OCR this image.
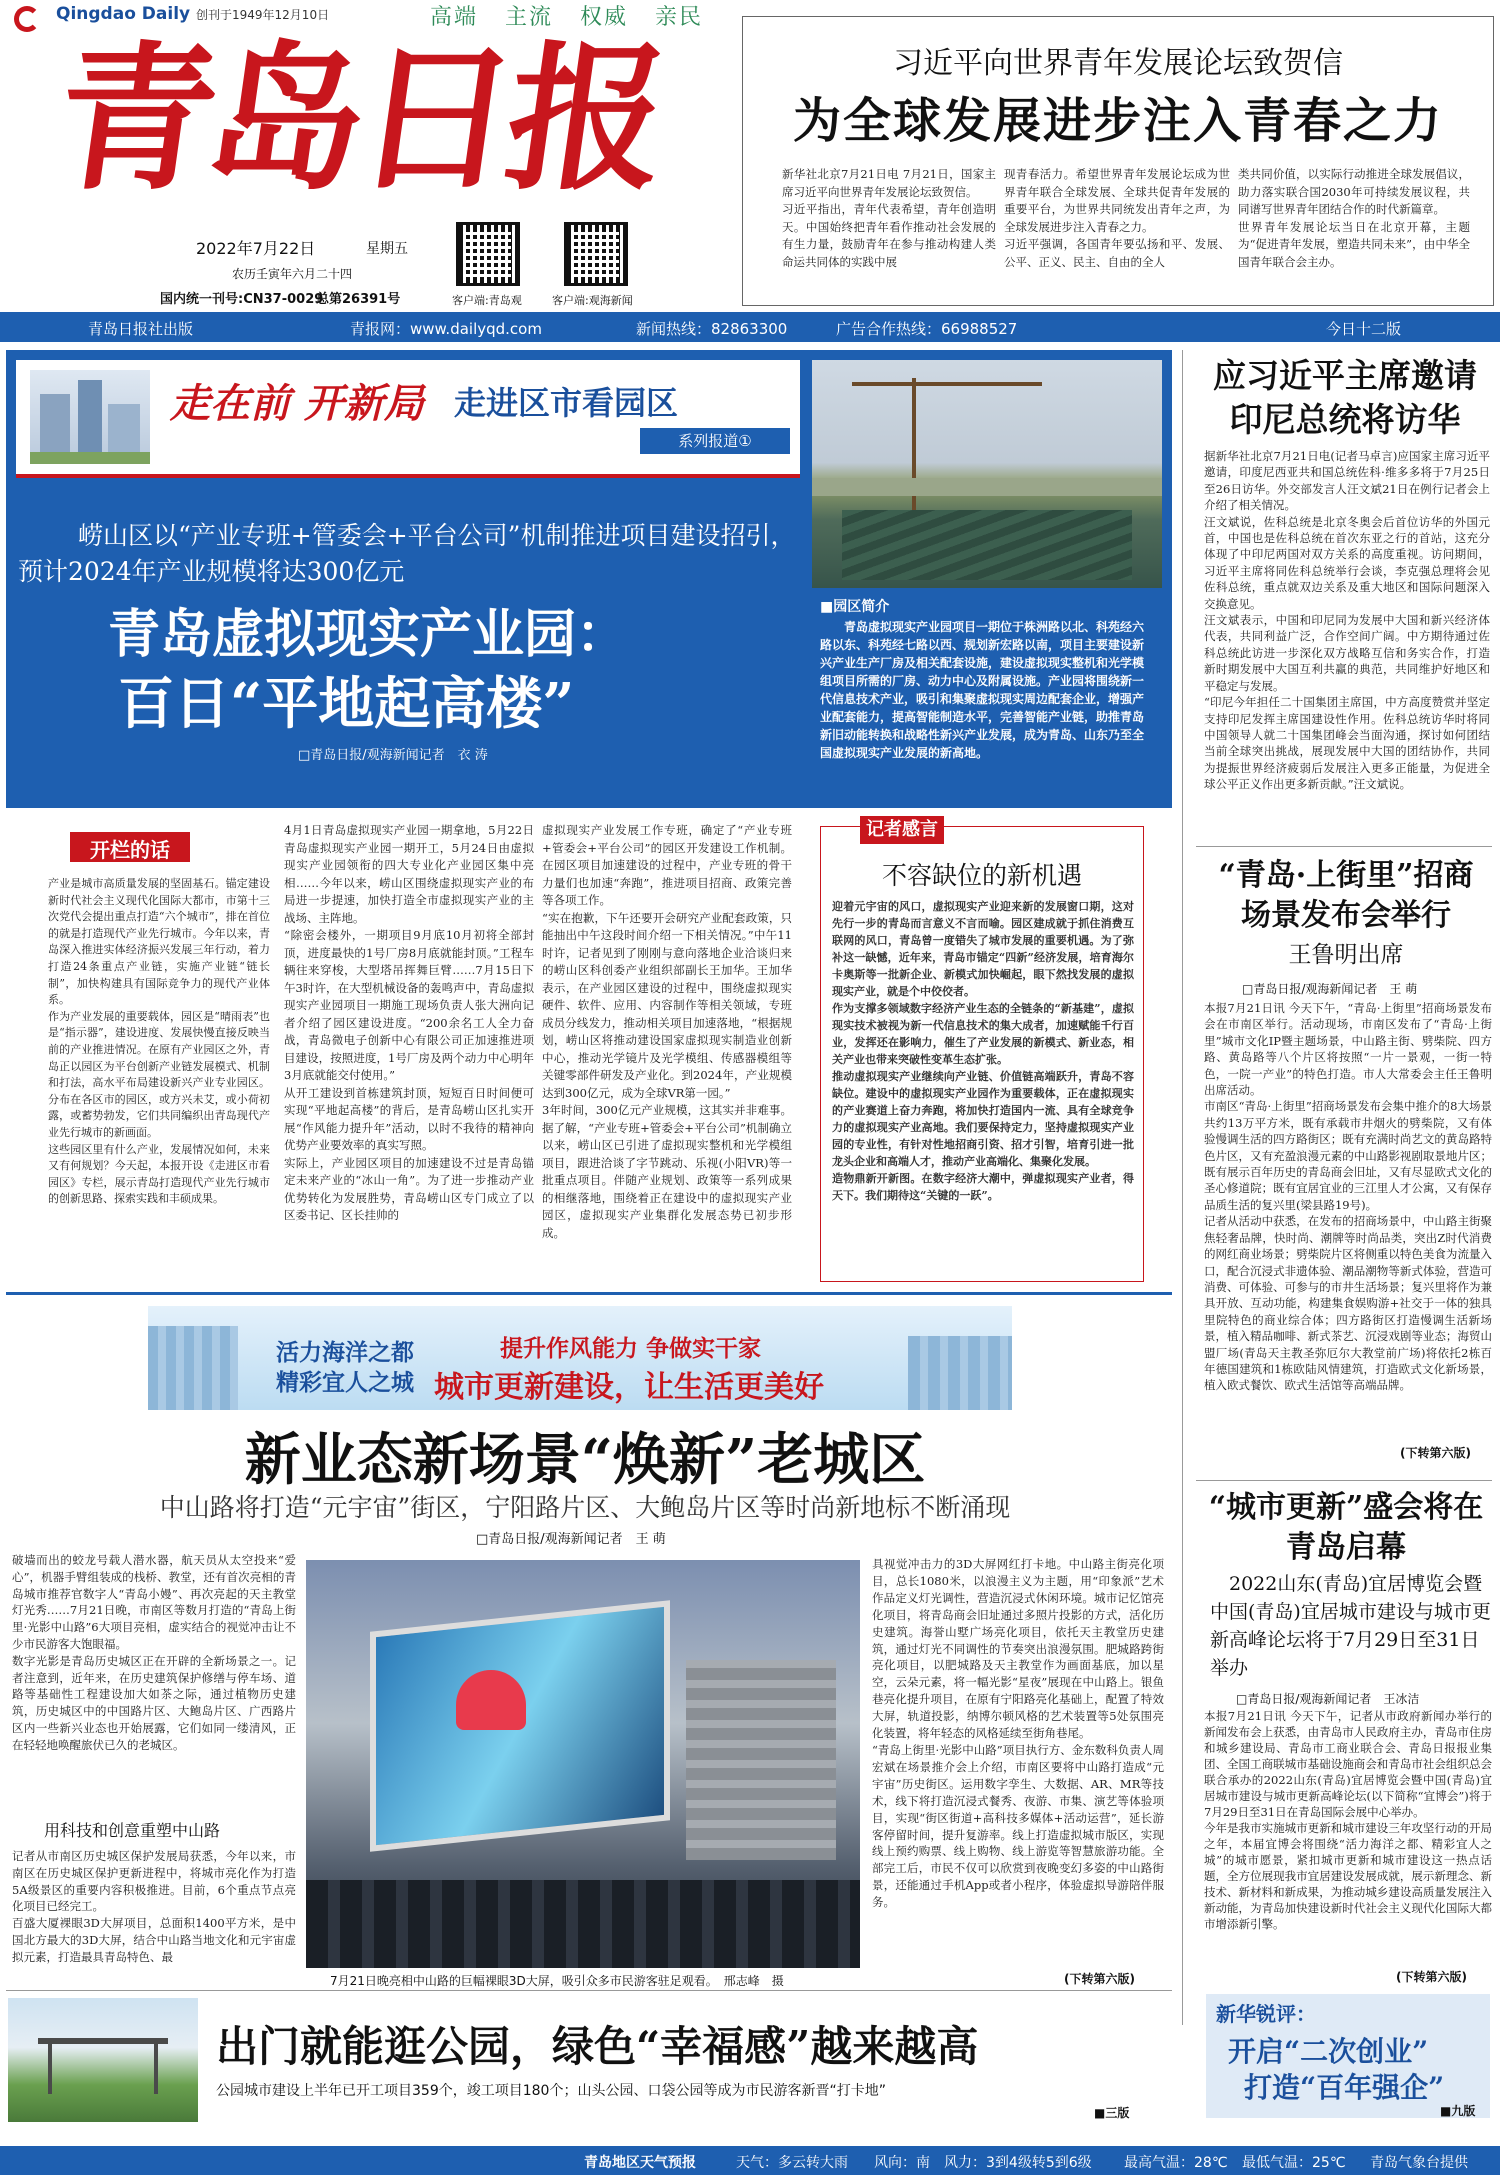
Qingdao Daily 创刊于1949年12月10日	高端   主流   权威   亲民
青岛日报
2022年7月22日	星期五
农历壬寅年六月二十四
国内统一刊号:CN37-0029
总第26391号	客户端:青岛观	客户端:观海新闻
习近平向世界青年发展论坛致贺信
为全球发展进步注入青春之力
新华社北京7月21日电 7月21日，国家主席习近平向世界青年发展论坛致贺信。
习近平指出，青年代表希望，青年创造明天。中国始终把青年看作推动社会发展的有生力量，鼓励青年在参与推动构建人类命运共同体的实践中展
现青春活力。希望世界青年发展论坛成为世界青年联合全球发展、全球共促青年发展的重要平台，为世界共同统发出青年之声，为全球发展进步注入青春之力。
习近平强调，各国青年要弘扬和平、发展、公平、正义、民主、自由的全人
类共同价值，以实际行动推进全球发展倡议，助力落实联合国2030年可持续发展议程，共同谱写世界青年团结合作的时代新篇章。
世界青年发展论坛当日在北京开幕，主题为“促进青年发展，塑造共同未来”，由中华全国青年联合会主办。
青岛日报社出版	青报网：www.dailyqd.com	新闻热线：82863300	广告合作热线：66988527	今日十二版
走在前 开新局 走进区市看园区
系列报道①
崂山区以“产业专班+管委会+平台公司”机制推进项目建设招引，预计2024年产业规模将达300亿元
青岛虚拟现实产业园：
百日“平地起高楼”
□青岛日报/观海新闻记者　衣 涛
■园区简介
青岛虚拟现实产业园项目一期位于株洲路以北、科苑经六路以东、科苑经七路以西、规划新宏路以南，项目主要建设新兴产业生产厂房及相关配套设施，建设虚拟现实整机和光学模组项目所需的厂房、动力中心及附属设施。产业园将围绕新一代信息技术产业，吸引和集聚虚拟现实周边配套企业，增强产业配套能力，提高智能制造水平，完善智能产业链，助推青岛新旧动能转换和战略性新兴产业发展，成为青岛、山东乃至全国虚拟现实产业发展的新高地。
开栏的话
产业是城市高质量发展的坚固基石。锚定建设新时代社会主义现代化国际大都市，市第十三次党代会提出重点打造“六个城市”，排在首位的就是打造现代产业先行城市。今年以来，青岛深入推进实体经济振兴发展三年行动，着力打造24条重点产业链，实施产业链“链长制”，加快构建具有国际竞争力的现代产业体系。
作为产业发展的重要载体，园区是“晴雨表”也是“指示器”，建设进度、发展快慢直接反映当前的产业推进情况。在原有产业园区之外，青岛正以园区为平台创新产业链发展模式、机制和打法，高水平布局建设新兴产业专业园区。分布在各区市的园区，或方兴未艾，或小荷初露，或蓄势勃发，它们共同编织出青岛现代产业先行城市的新画面。
这些园区里有什么产业，发展情况如何，未来又有何规划？今天起，本报开设《走进区市看园区》专栏，展示青岛打造现代产业先行城市的创新思路、探索实践和丰硕成果。
4月1日青岛虚拟现实产业园一期拿地，5月22日青岛虚拟现实产业园一期开工，5月24日由虚拟现实产业园领衔的四大专业化产业园区集中亮相……今年以来，崂山区围绕虚拟现实产业的布局进一步提速，加快打造全市虚拟现实产业的主战场、主阵地。
“除密会楼外，一期项目9月底10月初将全部封顶，进度最快的1号厂房8月底就能封顶。”工程车辆往来穿梭，大型塔吊挥舞巨臂……7月15日下午3时许，在大型机械设备的轰鸣声中，青岛虚拟现实产业园项目一期施工现场负责人张大洲向记者介绍了园区建设进度。“200余名工人全力奋战，青岛微电子创新中心有限公司正加速推进项目建设，按照进度，1号厂房及两个动力中心明年3月底就能交付使用。”
从开工建设到首栋建筑封顶，短短百日时间便可实现“平地起高楼”的背后，是青岛崂山区扎实开展“作风能力提升年”活动，以时不我待的精神向优势产业要效率的真实写照。
实际上，产业园区项目的加速建设不过是青岛锚定未来产业的“冰山一角”。为了进一步推动产业优势转化为发展胜势，青岛崂山区专门成立了以区委书记、区长挂帅的
虚拟现实产业发展工作专班，确定了“产业专班+管委会+平台公司”的园区开发建设工作机制。在园区项目加速建设的过程中，产业专班的骨干力量们也加速“奔跑”，推进项目招商、政策完善等各项工作。
“实在抱歉，下午还要开会研究产业配套政策，只能抽出中午这段时间介绍一下相关情况。”中午11时许，记者见到了刚刚与意向落地企业洽谈归来的崂山区科创委产业组织部副长王加华。王加华表示，在产业园区建设的过程中，围绕虚拟现实硬件、软件、应用、内容制作等相关领域，专班成员分线发力，推动相关项目加速落地，“根据规划，崂山区将推动建设国家虚拟现实制造业创新中心，推动光学镜片及光学模组、传感器模组等关键零部件研发及产业化。到2024年，产业规模达到300亿元，成为全球VR第一园。”
3年时间，300亿元产业规模，这其实并非难事。据了解，“产业专班+管委会+平台公司”机制确立以来，崂山区已引进了虚拟现实整机和光学模组项目，跟进洽谈了字节跳动、乐视(小阳VR)等一批重点项目。伴随产业规划、政策等一系列成果的相继落地，围绕着正在建设中的虚拟现实产业园区，虚拟现实产业集群化发展态势已初步形成。
记者感言
不容缺位的新机遇
迎着元宇宙的风口，虚拟现实产业迎来新的发展窗口期，这对先行一步的青岛而言意义不言而喻。园区建成就于抓住消费互联网的风口，青岛曾一度错失了城市发展的重要机遇。为了弥补这一缺憾，近年来，青岛市锚定“四新”经济发展，培育海尔卡奥斯等一批新企业、新模式加快崛起，眼下然找发展的虚拟现实产业，就是个中佼佼者。
作为支撑多领域数字经济产业生态的全链条的“新基建”，虚拟现实技术被视为新一代信息技术的集大成者，加速赋能千行百业，发挥还在影响力，催生了产业发展的新模式、新业态，相关产业也带来突破性变革生态扩张。
推动虚拟现实产业继续向产业链、价值链高端跃升，青岛不容缺位。建设中的虚拟现实产业园作为重要载体，正在虚拟现实的产业赛道上奋力奔跑，将加快打造国内一流、具有全球竞争力的虚拟现实产业高地。我们要保持定力，坚持虚拟现实产业园的专业性，有针对性地招商引资、招才引智，培育引进一批龙头企业和高端人才，推动产业高端化、集聚化发展。
造物鼎新开新图。在数字经济大潮中，弹虚拟现实产业者，得天下。我们期待这“关键的一跃”。
应习近平主席邀请印尼总统将访华
据新华社北京7月21日电(记者马卓言)应国家主席习近平邀请，印度尼西亚共和国总统佐科·维多多将于7月25日至26日访华。外交部发言人汪文斌21日在例行记者会上介绍了相关情况。
汪文斌说，佐科总统是北京冬奥会后首位访华的外国元首，中国也是佐科总统在首次东亚之行的首站，这充分体现了中印尼两国对双方关系的高度重视。访问期间，习近平主席将同佐科总统举行会谈，李克强总理将会见佐科总统，重点就双边关系及重大地区和国际问题深入交换意见。
汪文斌表示，中国和印尼同为发展中大国和新兴经济体代表，共同利益广泛，合作空间广阔。中方期待通过佐科总统此访进一步深化双方战略互信和务实合作，打造新时期发展中大国互利共赢的典范，共同维护好地区和平稳定与发展。
“印尼今年担任二十国集团主席国，中方高度赞赏并坚定支持印尼发挥主席国建设性作用。佐科总统访华时将同中国领导人就二十国集团峰会当面沟通，探讨如何团结当前全球突出挑战，展现发展中大国的团结协作，共同为提振世界经济疲弱后发展注入更多正能量，为促进全球公平正义作出更多新贡献。”汪文斌说。
“青岛·上街里”招商场景发布会举行
王鲁明出席
□青岛日报/观海新闻记者　王 萌
本报7月21日讯 今天下午，“青岛·上街里”招商场景发布会在市南区举行。活动现场，市南区发布了“青岛·上街里”城市文化IP暨主题场景，中山路主街、劈柴院、四方路、黄岛路等八个片区将按照“一片一景观，一街一特色，一院一产业”的特色打造。市人大常委会主任王鲁明出席活动。
市南区“青岛·上街里”招商场景发布会集中推介的8大场景共约13万平方米，既有承载市井烟火的劈柴院，又有体验慢调生活的四方路街区；既有充满时尚艺文的黄岛路特色片区，又有充盈浪漫元素的中山路影视剧取景地片区；既有展示百年历史的青岛商会旧址，又有尽显欧式文化的圣心修道院；既有宜居宜业的三江里人才公寓，又有保存品质生活的复兴里(梁县路19号)。
记者从活动中获悉，在发布的招商场景中，中山路主街聚焦轻奢品牌，快时尚、潮牌等时尚品类，突出Z时代消费的网红商业场景；劈柴院片区将侧重以特色美食为流量入口，配合沉浸式非遗体验、潮品潮物等新式体验，营造可消费、可体验、可参与的市井生活场景；复兴里将作为兼具开放、互动功能，构建集食娱购游+社交于一体的独具里院特色的商业综合体；四方路街区打造慢调生活新场景，植入精品咖啡、新式茶艺、沉浸戏剧等业态；海贸山盟厂场(青岛天主教圣弥厄尔大教堂前广场)将依托2栋百年德国建筑和1栋欧陆风情建筑，打造欧式文化新场景，植入欧式餐饮、欧式生活馆等高端品牌。
(下转第六版)
“城市更新”盛会将在青岛启幕
2022山东(青岛)宜居博览会暨中国(青岛)宜居城市建设与城市更新高峰论坛将于7月29日至31日举办
□青岛日报/观海新闻记者　王冰洁
本报7月21日讯 今天下午，记者从市政府新闻办举行的新闻发布会上获悉，由青岛市人民政府主办，青岛市住房和城乡建设局、青岛市工商业联合会、青岛日报报业集团、全国工商联城市基础设施商会和青岛市社会组织总会联合承办的2022山东(青岛)宜居博览会暨中国(青岛)宜居城市建设与城市更新高峰论坛(以下简称“宜博会”)将于7月29日至31日在青岛国际会展中心举办。
今年是我市实施城市更新和城市建设三年攻坚行动的开局之年，本届宜博会将围绕“活力海洋之都、精彩宜人之城”的城市愿景，紧扣城市更新和城市建设这一热点话题，全方位展现我市宜居建设发展成就，展示新理念、新技术、新材料和新成果，为推动城乡建设高质量发展注入新动能，为青岛加快建设新时代社会主义现代化国际大都市增添新引擎。
(下转第六版)
新华锐评：
开启“二次创业”
打造“百年强企”
■九版
活力海洋之都
精彩宜人之城
提升作风能力 争做实干家
城市更新建设，让生活更美好
新业态新场景“焕新”老城区
中山路将打造“元宇宙”街区，宁阳路片区、大鲍岛片区等时尚新地标不断涌现
□青岛日报/观海新闻记者　王 萌
破墙而出的蛟龙号载人潜水器，航天员从太空投来“爱心”，机器手臂组装成的栈桥、教堂，还有首次亮相的青岛城市推荐官数字人“青岛小嫚”、再次亮起的天主教堂灯光秀……7月21日晚，市南区等数月打造的“青岛上街里·光影中山路”6大项目亮相，虚实结合的视觉冲击让不少市民游客大饱眼福。
数字光影是青岛历史城区正在开辟的全新场景之一。记者注意到，近年来，在历史建筑保护修缮与停车场、道路等基础性工程建设加大如茶之际，通过植物历史建筑，历史城区中的中国路片区、大鲍岛片区、广西路片区内一些新兴业态也开始展露，它们如同一缕清风，正在轻轻地唤醒旅伏已久的老城区。
用科技和创意重塑中山路
记者从市南区历史城区保护发展局获悉，今年以来，市南区在历史城区保护更新进程中，将城市亮化作为打造5A级景区的重要内容积极推进。目前，6个重点节点亮化项目已经完工。
百盛大厦裸眼3D大屏项目，总面积1400平方米，是中国北方最大的3D大屏，结合中山路当地文化和元宇宙虚拟元素，打造最具青岛特色、最
7月21日晚亮相中山路的巨幅裸眼3D大屏，吸引众多市民游客驻足观看。　邢志峰　摄
具视觉冲击力的3D大屏网红打卡地。中山路主街亮化项目，总长1080米，以浪漫主义为主题，用“印象派”艺术作品定义灯光调性，营造沉浸式休闲环境。城市记忆馆亮化项目，将青岛商会旧址通过多照片投影的方式，活化历史建筑。海誉山墅广场亮化项目，依托天主教堂历史建筑，通过灯光不同调性的节奏突出浪漫氛围。肥城路跨街亮化项目，以肥城路及天主教堂作为画面基底，加以星空，云朵元素，将一幅光影“星夜”展现在中山路上。银鱼巷亮化提升项目，在原有宁阳路亮化基础上，配置了特效大屏，轨道投影，纳博尔顿风格的艺术装置等5处氛围亮化装置，将年轻态的风格延续至街角巷尾。
“青岛上街里·光影中山路”项目执行方、金东数科负责人周宏斌在场景推介会上介绍，市南区要将中山路打造成“元宇宙”历史街区。运用数字孪生、大数据、AR、MR等技术，线下将打造沉浸式餐秀、夜游、市集、演艺等体验项目，实现“街区街道+高科技多媒体+活动运营”，延长游客停留时间，提升复游率。线上打造虚拟城市版区，实现线上预约购票、线上购物、线上游览等智慧旅游功能。全部完工后，市民不仅可以欣赏到夜晚变幻多姿的中山路街景，还能通过手机App或者小程序，体验虚拟导游陪伴服务。
(下转第六版)
出门就能逛公园，绿色“幸福感”越来越高
公园城市建设上半年已开工项目359个，竣工项目180个；山头公园、口袋公园等成为市民游客新晋“打卡地”
■三版
青岛地区天气预报	天气：多云转大雨 风向：南 风力：3到4级转5到6级 最高气温：28℃ 最低气温：25℃ 青岛气象台提供
